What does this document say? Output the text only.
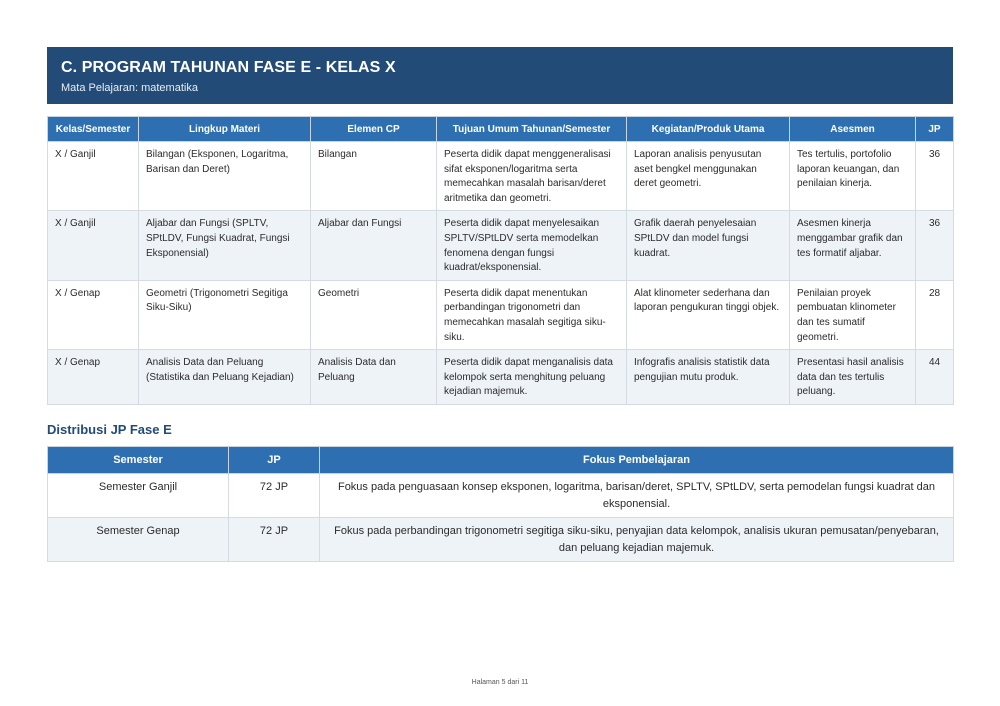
C. PROGRAM TAHUNAN FASE E - KELAS X
Mata Pelajaran: matematika
Kelas/Semester	Lingkup Materi	Elemen CP	Tujuan Umum Tahunan/Semester	Kegiatan/Produk Utama	Asesmen	JP
X / Ganjil	Bilangan (Eksponen, Logaritma, Barisan dan Deret)	Bilangan	Peserta didik dapat menggeneralisasi sifat eksponen/logaritma serta memecahkan masalah barisan/deret aritmetika dan geometri.	Laporan analisis penyusutan aset bengkel menggunakan deret geometri.	Tes tertulis, portofolio laporan keuangan, dan penilaian kinerja.	36
X / Ganjil	Aljabar dan Fungsi (SPLTV, SPtLDV, Fungsi Kuadrat, Fungsi Eksponensial)	Aljabar dan Fungsi	Peserta didik dapat menyelesaikan SPLTV/SPtLDV serta memodelkan fenomena dengan fungsi kuadrat/eksponensial.	Grafik daerah penyelesaian SPtLDV dan model fungsi kuadrat.	Asesmen kinerja menggambar grafik dan tes formatif aljabar.	36
X / Genap	Geometri (Trigonometri Segitiga Siku-Siku)	Geometri	Peserta didik dapat menentukan perbandingan trigonometri dan memecahkan masalah segitiga siku-siku.	Alat klinometer sederhana dan laporan pengukuran tinggi objek.	Penilaian proyek pembuatan klinometer dan tes sumatif geometri.	28
X / Genap	Analisis Data dan Peluang (Statistika dan Peluang Kejadian)	Analisis Data dan Peluang	Peserta didik dapat menganalisis data kelompok serta menghitung peluang kejadian majemuk.	Infografis analisis statistik data pengujian mutu produk.	Presentasi hasil analisis data dan tes tertulis peluang.	44
Distribusi JP Fase E
Semester	JP	Fokus Pembelajaran
Semester Ganjil	72 JP	Fokus pada penguasaan konsep eksponen, logaritma, barisan/deret, SPLTV, SPtLDV, serta pemodelan fungsi kuadrat dan eksponensial.
Semester Genap	72 JP	Fokus pada perbandingan trigonometri segitiga siku-siku, penyajian data kelompok, analisis ukuran pemusatan/penyebaran, dan peluang kejadian majemuk.
Halaman 5 dari 11
